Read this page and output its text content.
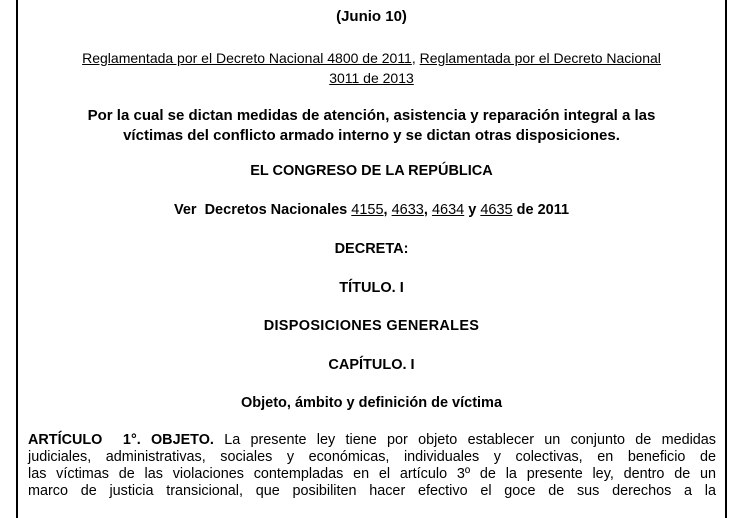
(Junio 10)
Reglamentada por el Decreto Nacional 4800 de 2011, Reglamentada por el Decreto Nacional
3011 de 2013
Por la cual se dictan medidas de atención, asistencia y reparación integral a las
víctimas del conflicto armado interno y se dictan otras disposiciones.
EL CONGRESO DE LA REPÚBLICA
Ver  Decretos Nacionales 4155, 4633, 4634 y 4635 de 2011
DECRETA:
TÍTULO. I
DISPOSICIONES GENERALES
CAPÍTULO. I
Objeto, ámbito y definición de víctima
ARTÍCULO  1°. OBJETO. La presente ley tiene por objeto establecer un conjunto de medidas
judiciales, administrativas, sociales y económicas, individuales y colectivas, en beneficio de
las víctimas de las violaciones contempladas en el artículo 3º de la presente ley, dentro de un
marco de justicia transicional, que posibiliten hacer efectivo el goce de sus derechos a la
